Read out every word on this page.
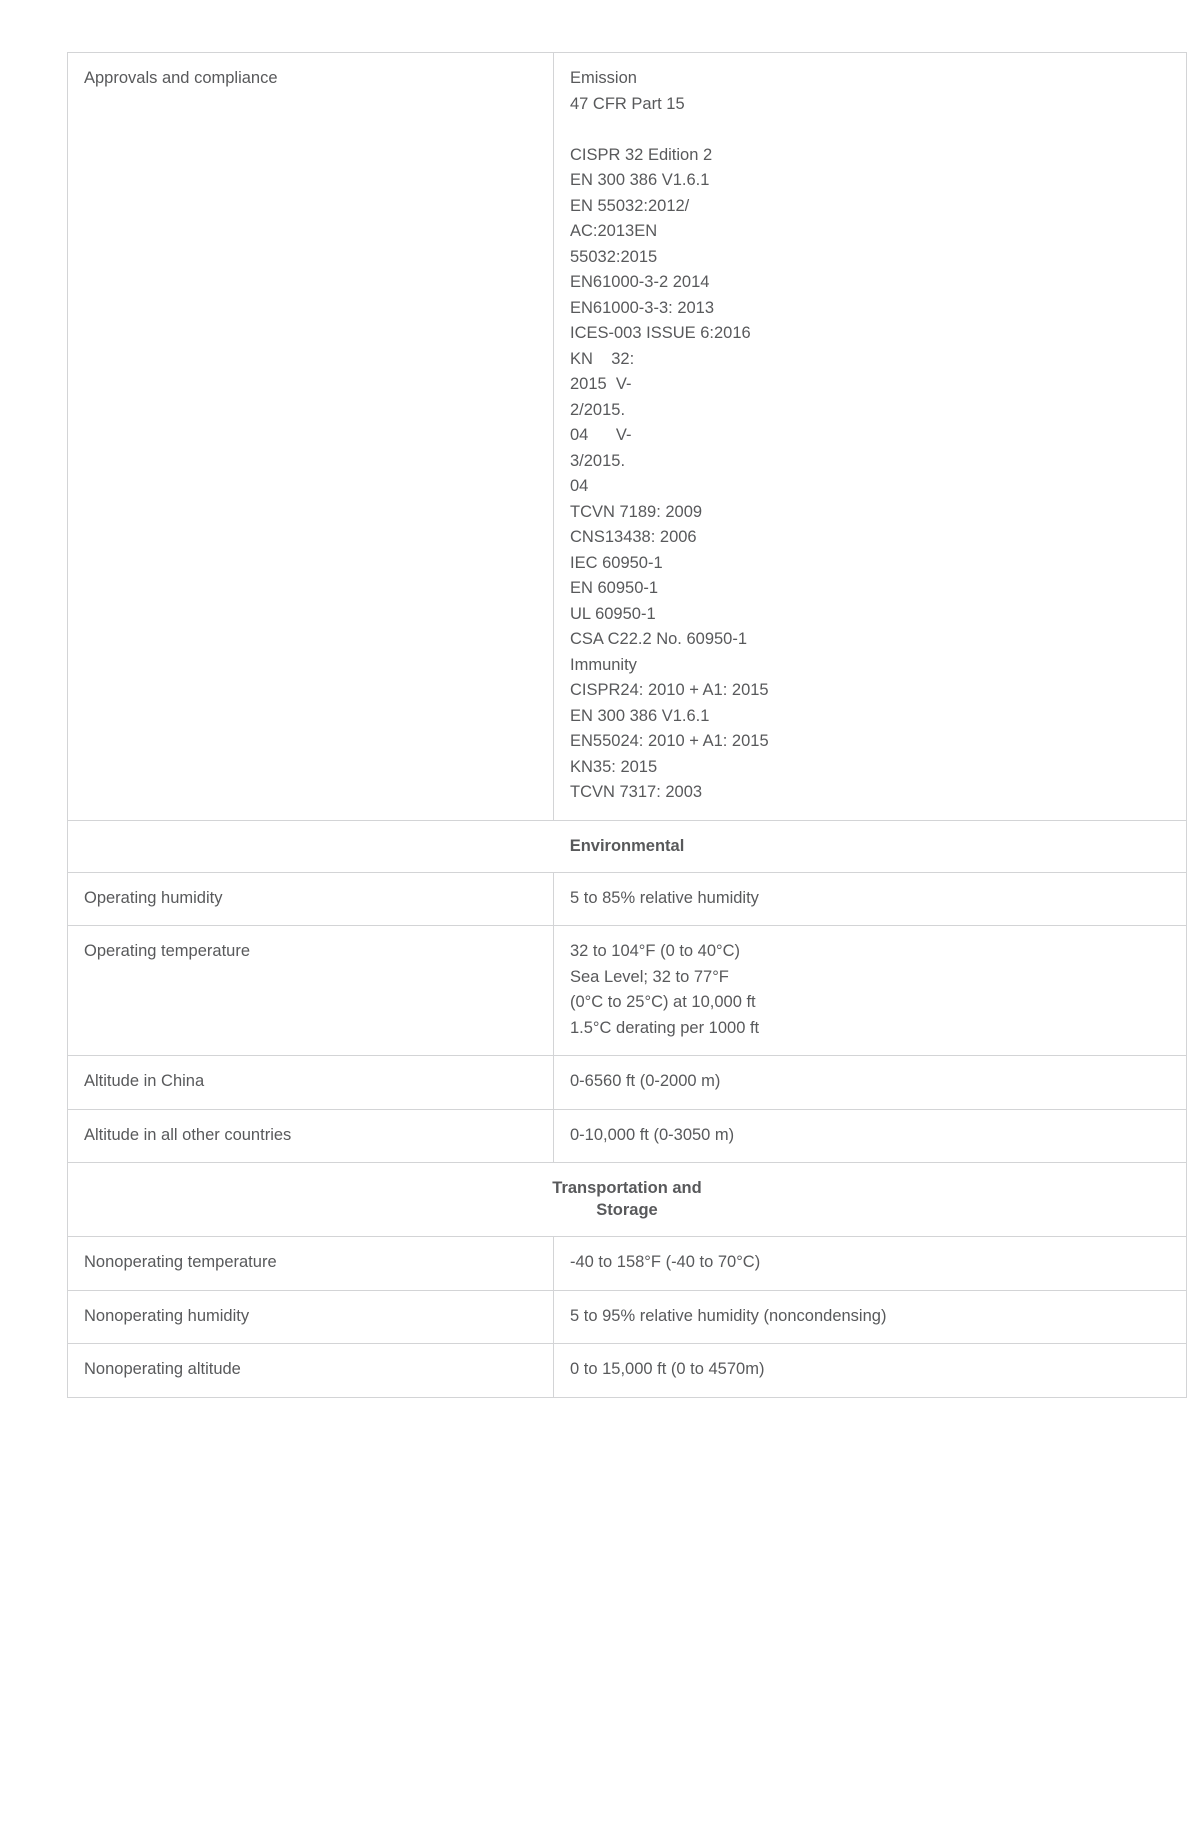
Approvals and compliance	Emission
47 CFR Part 15

CISPR 32 Edition 2
EN 300 386 V1.6.1
EN 55032:2012/
AC:2013EN
55032:2015
EN61000-3-2 2014
EN61000-3-3: 2013
ICES-003 ISSUE 6:2016
KN    32:
2015  V-
2/2015.
04      V-
3/2015.
04
TCVN 7189: 2009
CNS13438: 2006
IEC 60950-1
EN 60950-1
UL 60950-1
CSA C22.2 No. 60950-1
Immunity
CISPR24: 2010 + A1: 2015
EN 300 386 V1.6.1
EN55024: 2010 + A1: 2015
KN35: 2015
TCVN 7317: 2003

Environmental	

Operating humidity	5 to 85% relative humidity

Operating temperature	32 to 104°F (0 to 40°C)
Sea Level; 32 to 77°F
(0°C to 25°C) at 10,000 ft
1.5°C derating per 1000 ft

Altitude in China	0-6560 ft (0-2000 m)

Altitude in all other countries	0-10,000 ft (0-3050 m)

Transportation and
Storage	

Nonoperating temperature	-40 to 158°F (-40 to 70°C)

Nonoperating humidity	5 to 95% relative humidity (noncondensing)

Nonoperating altitude	0 to 15,000 ft (0 to 4570m)
